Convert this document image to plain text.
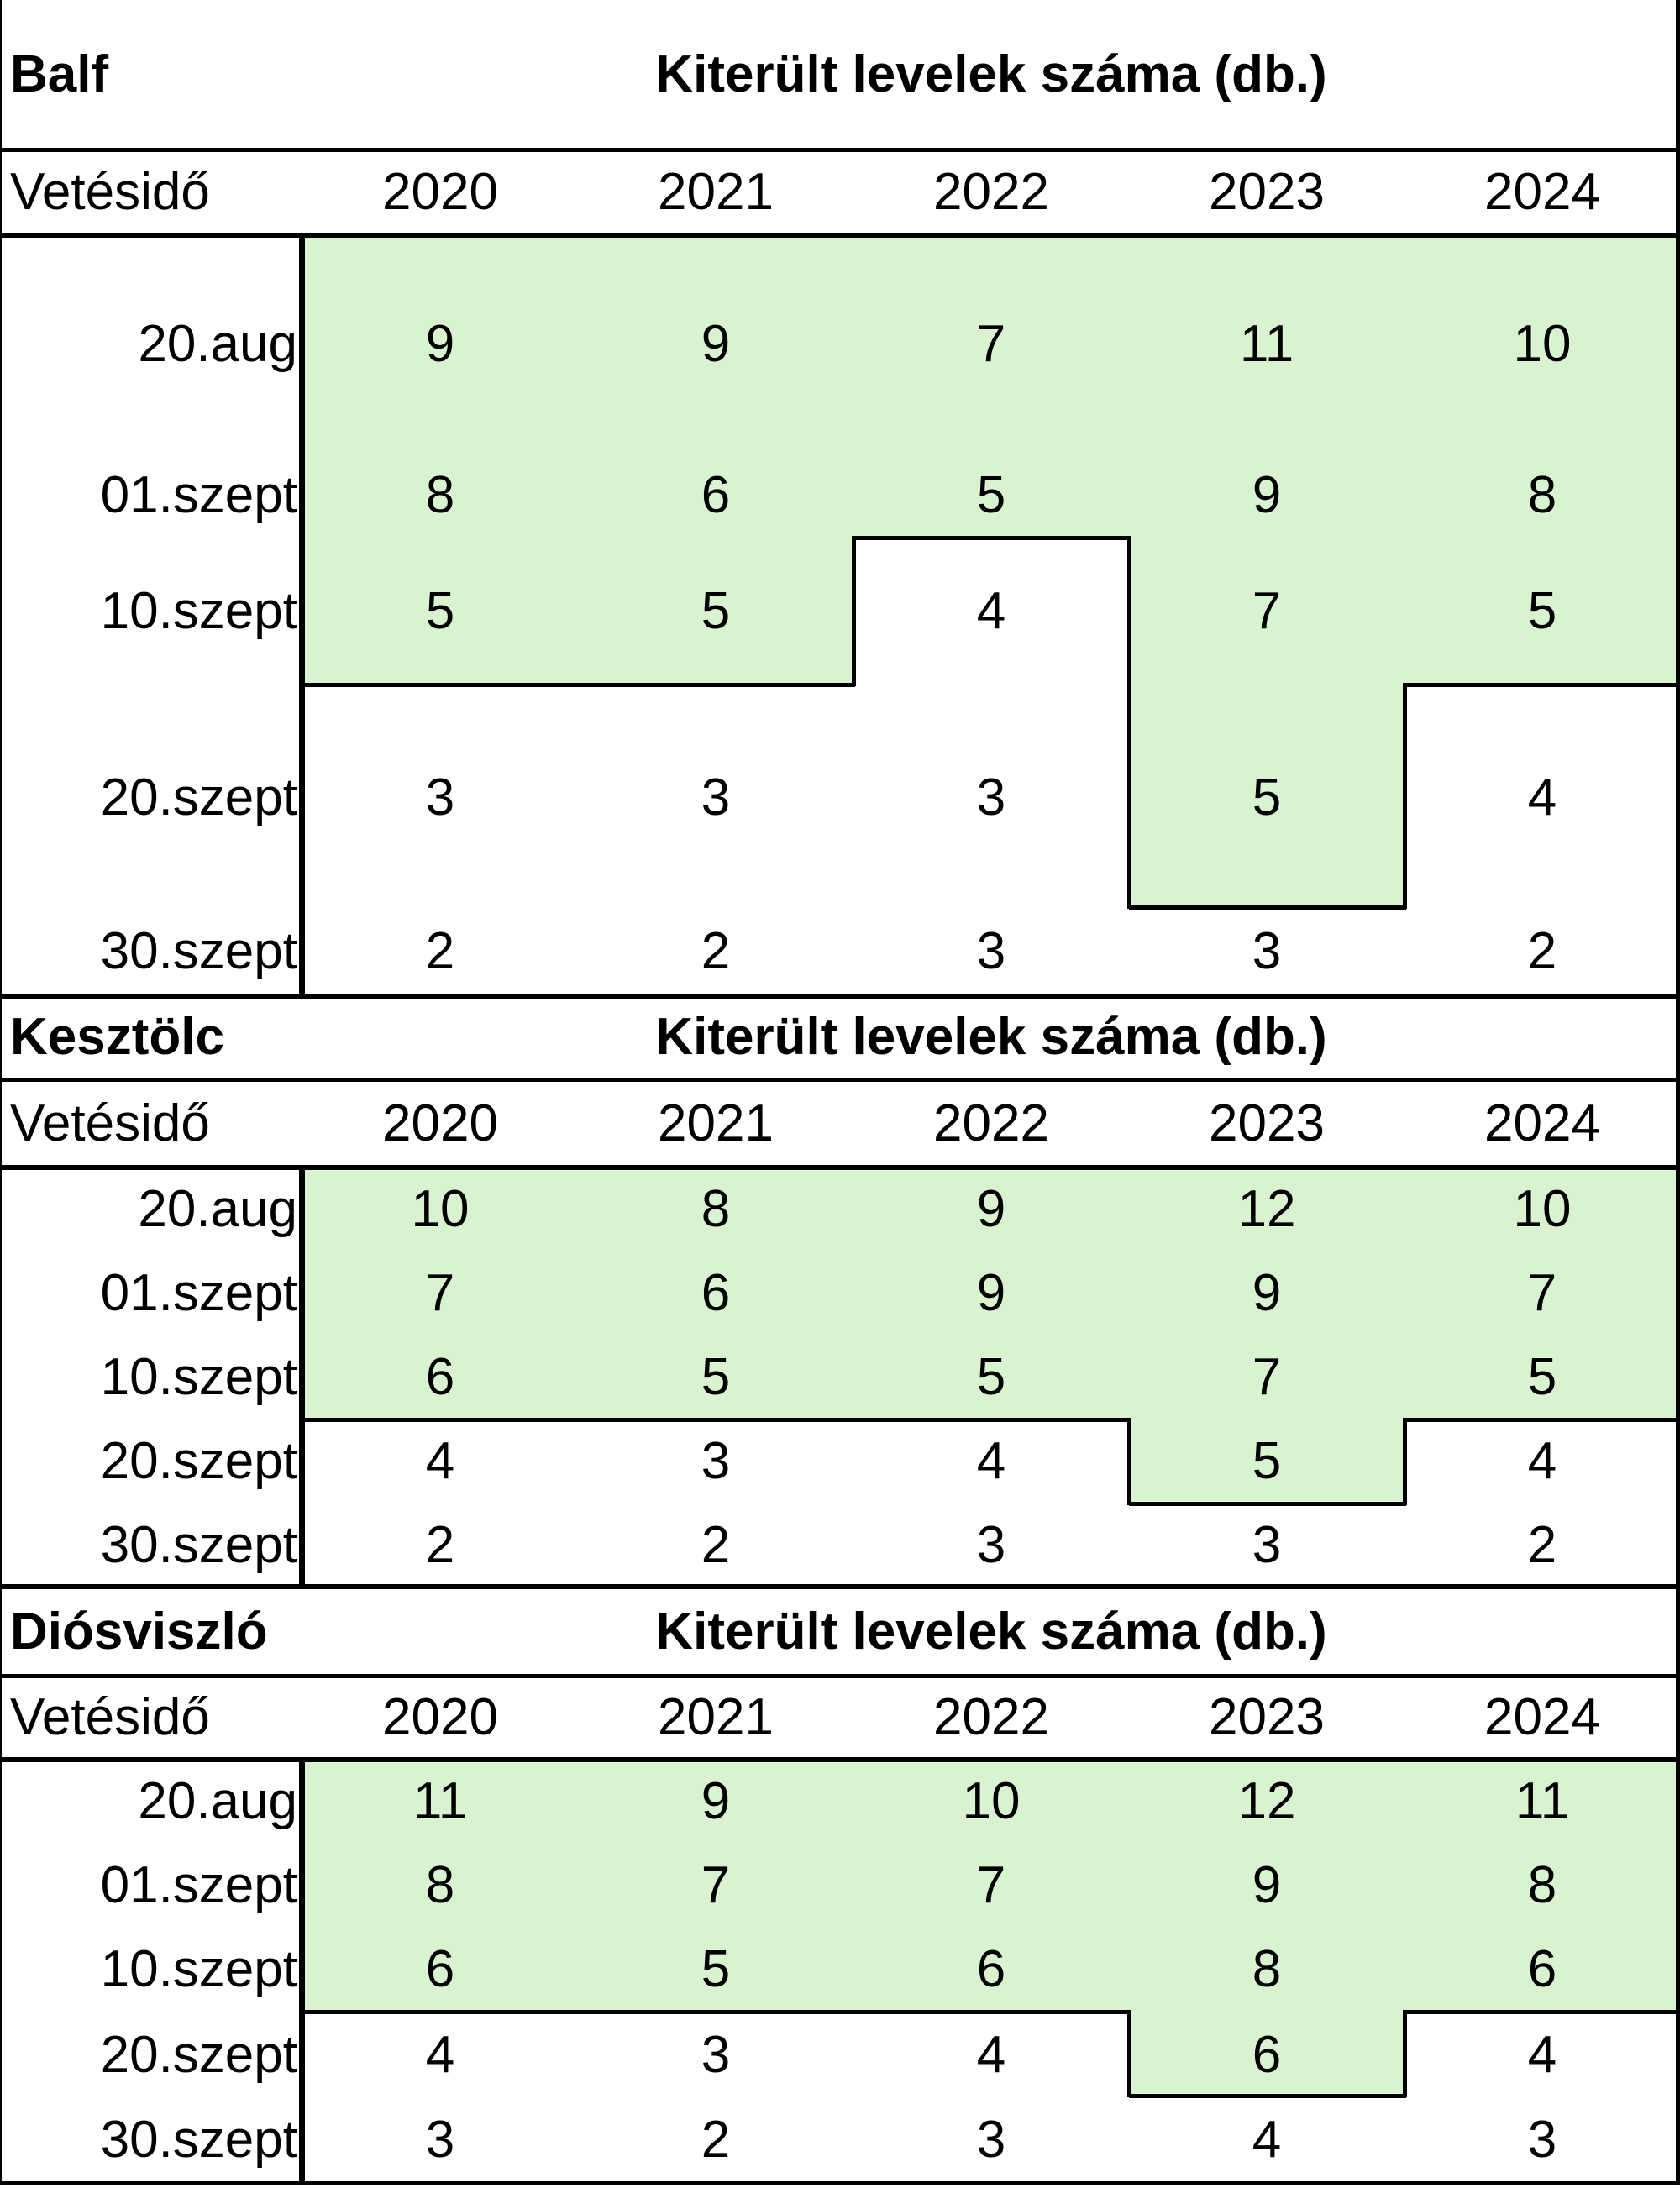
Balf	Kiterült levelek száma (db.)
Vetésidő	2020	2021	2022	2023	2024
20.aug	9	9	7	11	10
01.szept	8	6	5	9	8
10.szept	5	5	4	7	5
20.szept	3	3	3	5	4
30.szept	2	2	3	3	2
Kesztölc	Kiterült levelek száma (db.)
Vetésidő	2020	2021	2022	2023	2024
20.aug	10	8	9	12	10
01.szept	7	6	9	9	7
10.szept	6	5	5	7	5
20.szept	4	3	4	5	4
30.szept	2	2	3	3	2
Diósviszló	Kiterült levelek száma (db.)
Vetésidő	2020	2021	2022	2023	2024
20.aug	11	9	10	12	11
01.szept	8	7	7	9	8
10.szept	6	5	6	8	6
20.szept	4	3	4	6	4
30.szept	3	2	3	4	3
